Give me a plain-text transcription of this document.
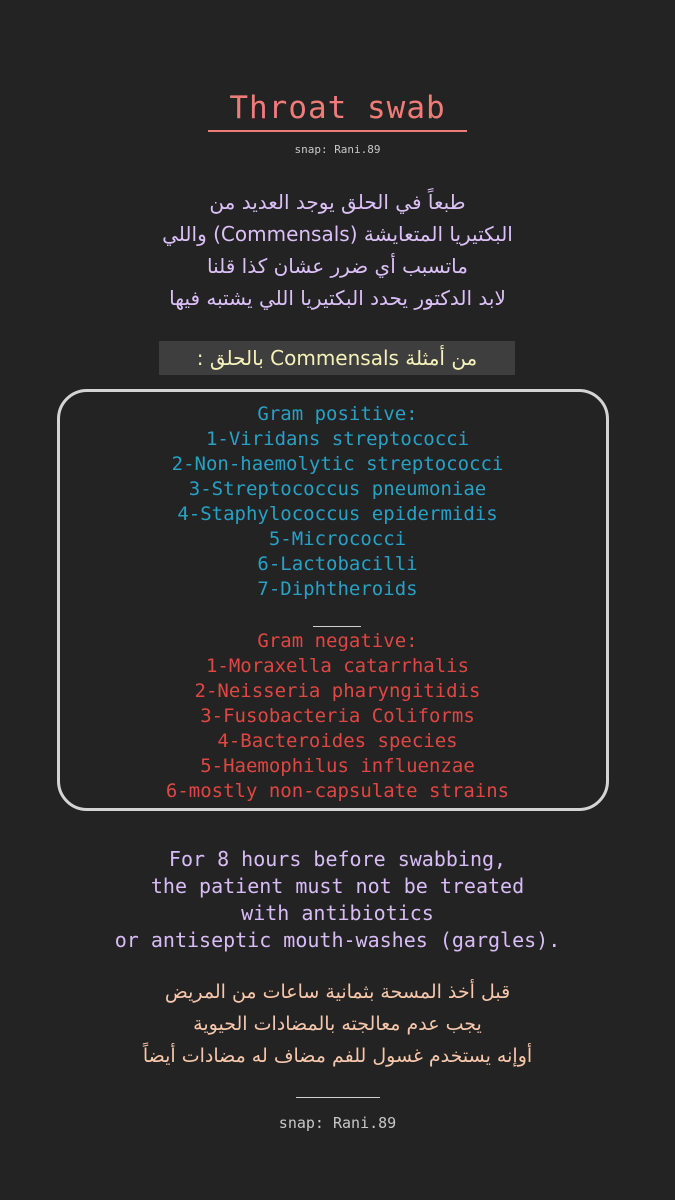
Throat swab
snap: Rani.89
طبعاً في الحلق يوجد العديد من
البكتيريا المتعايشة (Commensals) واللي
ماتسبب أي ضرر عشان كذا قلنا
لابد الدكتور يحدد البكتيريا اللي يشتبه فيها
من أمثلة Commensals بالحلق :
Gram positive:
1-Viridans streptococci
2-Non-haemolytic streptococci
3-Streptococcus pneumoniae
4-Staphylococcus epidermidis
5-Micrococci
6-Lactobacilli
7-Diphtheroids
Gram negative:
1-Moraxella catarrhalis
2-Neisseria pharyngitidis
3-Fusobacteria Coliforms
4-Bacteroides species
5-Haemophilus influenzae
6-mostly non-capsulate strains
For 8 hours before swabbing,
the patient must not be treated
with antibiotics
or antiseptic mouth-washes (gargles).
قبل أخذ المسحة بثمانية ساعات من المريض
يجب عدم معالجته بالمضادات الحيوية
أوإنه يستخدم غسول للفم مضاف له مضادات أيضاً
snap: Rani.89
